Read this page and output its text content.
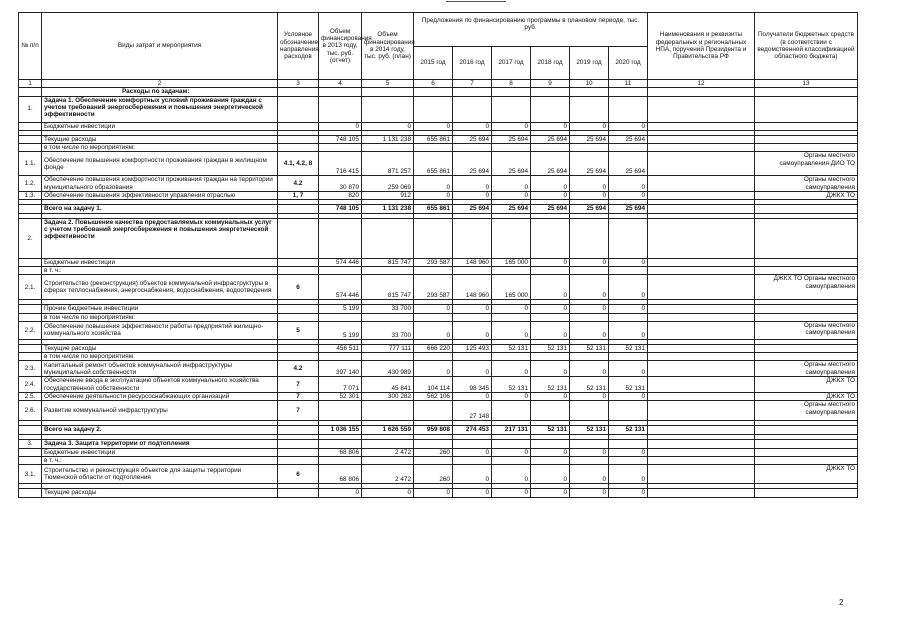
№ п/п	Виды затрат и мероприятия	Условное обозначение направления расходов	Объем финансирования в 2013 году, тыс. руб. (отчет)	Объем финансирования в 2014 году, тыс. руб. (план)	Предложения по финансированию программы в плановом периоде, тыс. руб.						Наименования и реквизиты федеральных и региональных НПА, поручений Президента и Правительства РФ	Получатели бюджетных средств (в соответствии с ведомственной классификацией областного бюджета)
					2015 год	2016 год	2017 год	2018 год	2019 год	2020 год		
1	2	3	4	5	6	7	8	9	10	11	12	13
	Расходы по задачам:											
1.	Задача 1. Обеспечение комфортных условий проживания граждан с учетом требований энергосбережения и повышения энергетической эффективности											
	Бюджетные инвестиции		0	0	0	0	0	0	0	0		

	Текущие расходы		748 105	1 131 238	655 861	25 694	25 694	25 694	25 694	25 694		
	в том числе по мероприятиям:											
1.1.	Обеспечение повышения комфортности проживания граждан в жилищном фонде	4.1, 4.2, 8	716 415	871 257	655 861	25 694	25 694	25 694	25 694	25 694		Органы местного самоуправления ДИО ТО
1.2.	Обеспечение повышения комфортности проживания граждан на территории муниципального образования	4.2	30 870	259 069	0	0	0	0	0	0		Органы местного самоуправления
1.3.	Обеспечение повышения эффективности управления отраслью	1, 7	820	912	0	0	0	0	0	0		ДЖКХ ТО

	Всего на задачу 1.		748 105	1 131 238	655 861	25 694	25 694	25 694	25 694	25 694		

2.	Задача 2. Повышение качества предоставляемых коммунальных услуг с учетом требований энергосбережения и повышения энергетической эффективности											
	Бюджетные инвестиции		574 446	815 747	293 587	148 960	165 000	0	0	0		
	в т. ч.:											
2.1.	Строительство (реконструкция) объектов коммунальной инфраструктуры в сферах теплоснабжения, энергоснабжения, водоснабжения, водоотведения	6	574 446	815 747	293 587	148 960	165 000	0	0	0		ДЖКХ ТО Органы местного самоуправления

	Прочие бюджетные инвестиции		5 199	33 700	0	0	0	0	0	0		
	в том числе по мероприятиям:											
2.2.	Обеспечение повышения эффективности работы предприятий жилищно-коммунального хозяйства	5	5 199	33 700	0	0	0	0	0	0		Органы местного самоуправления

	Текущие расходы		456 511	777 111	666 220	125 493	52 131	52 131	52 131	52 131		
	в том числе по мероприятиям:											
2.3.	Капитальный ремонт объектов коммунальной инфраструктуры муниципальной собственности	4.2	397 140	430 989	0	0	0	0	0	0		Органы местного самоуправления
2.4.	Обеспечение ввода в эксплуатацию объектов коммунального хозяйства государственной собственности	7	7 071	45 841	104 114	98 345	52 131	52 131	52 131	52 131		ДЖКХ ТО
2.5.	Обеспечение деятельности ресурсоснабжающих организаций	7	52 301	300 282	562 106	0	0	0	0	0		ДЖКХ ТО
2.6.	Развитие коммунальной инфраструктуры	7				27 148						Органы местного самоуправления

	Всего на задачу 2.		1 036 155	1 626 559	959 808	274 453	217 131	52 131	52 131	52 131		

3.	Задача 3. Защита территории от подтопления											
	Бюджетные инвестиции		68 806	2 472	260	0	0	0	0	0		
	в т. ч.:											
3.1.	Строительство и реконструкция объектов для защиты территории Тюменской области от подтопления	6	68 806	2 472	260	0	0	0	0	0		ДЖКХ ТО

	Текущие расходы		0	0	0	0	0	0	0	0		
2
